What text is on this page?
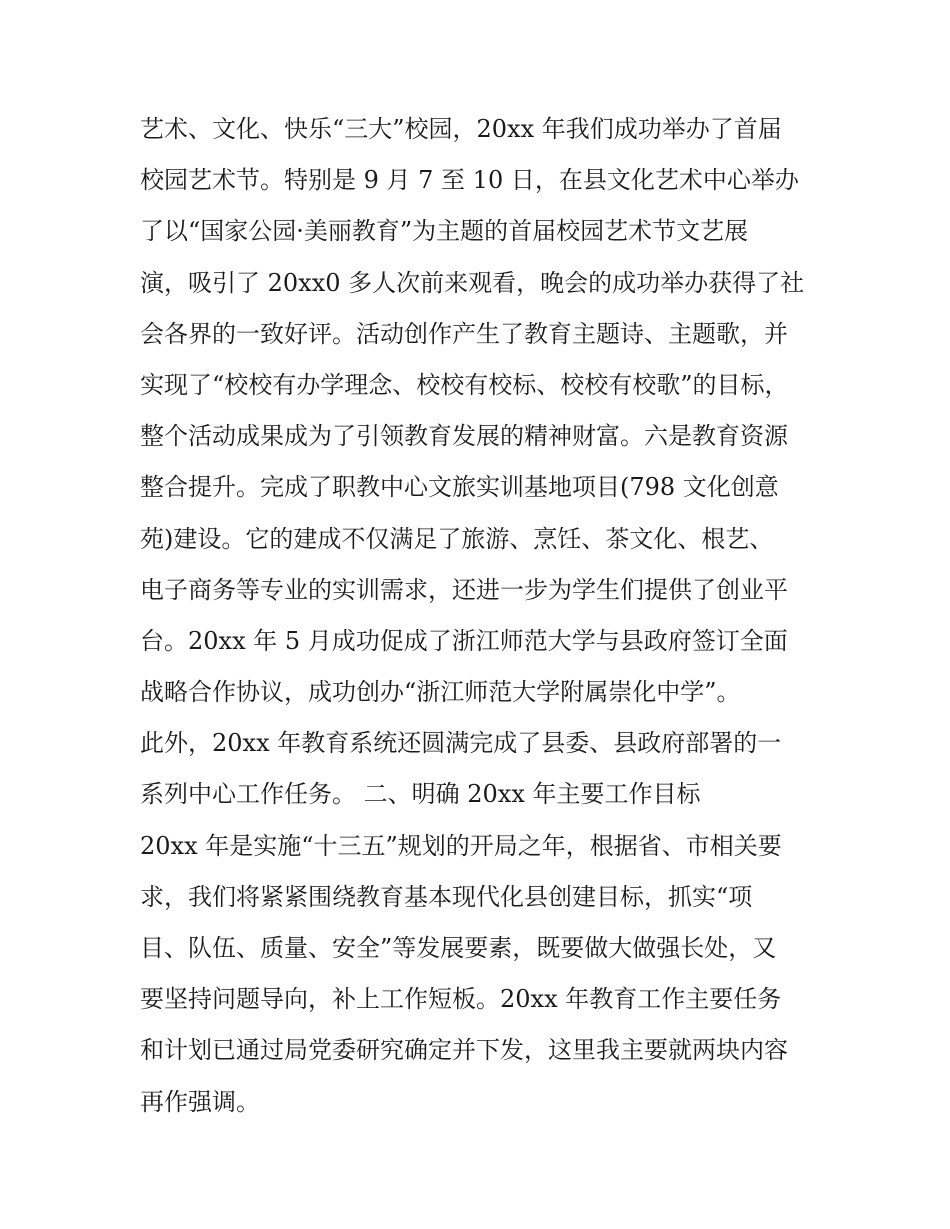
艺术、文化、快乐“三大”校园，20xx 年我们成功举办了首届
校园艺术节。特别是 9 月 7 至 10 日，在县文化艺术中心举办
了以“国家公园·美丽教育”为主题的首届校园艺术节文艺展
演，吸引了 20xx0 多人次前来观看，晚会的成功举办获得了社
会各界的一致好评。活动创作产生了教育主题诗、主题歌，并
实现了“校校有办学理念、校校有校标、校校有校歌”的目标，
整个活动成果成为了引领教育发展的精神财富。六是教育资源
整合提升。完成了职教中心文旅实训基地项目(798 文化创意
苑)建设。它的建成不仅满足了旅游、烹饪、茶文化、根艺、
电子商务等专业的实训需求，还进一步为学生们提供了创业平
台。20xx 年 5 月成功促成了浙江师范大学与县政府签订全面
战略合作协议，成功创办“浙江师范大学附属崇化中学”。
此外，20xx 年教育系统还圆满完成了县委、县政府部署的一
系列中心工作任务。 二、明确 20xx 年主要工作目标
20xx 年是实施“十三五”规划的开局之年，根据省、市相关要
求，我们将紧紧围绕教育基本现代化县创建目标，抓实“项
目、队伍、质量、安全”等发展要素，既要做大做强长处，又
要坚持问题导向，补上工作短板。20xx 年教育工作主要任务
和计划已通过局党委研究确定并下发，这里我主要就两块内容
再作强调。
